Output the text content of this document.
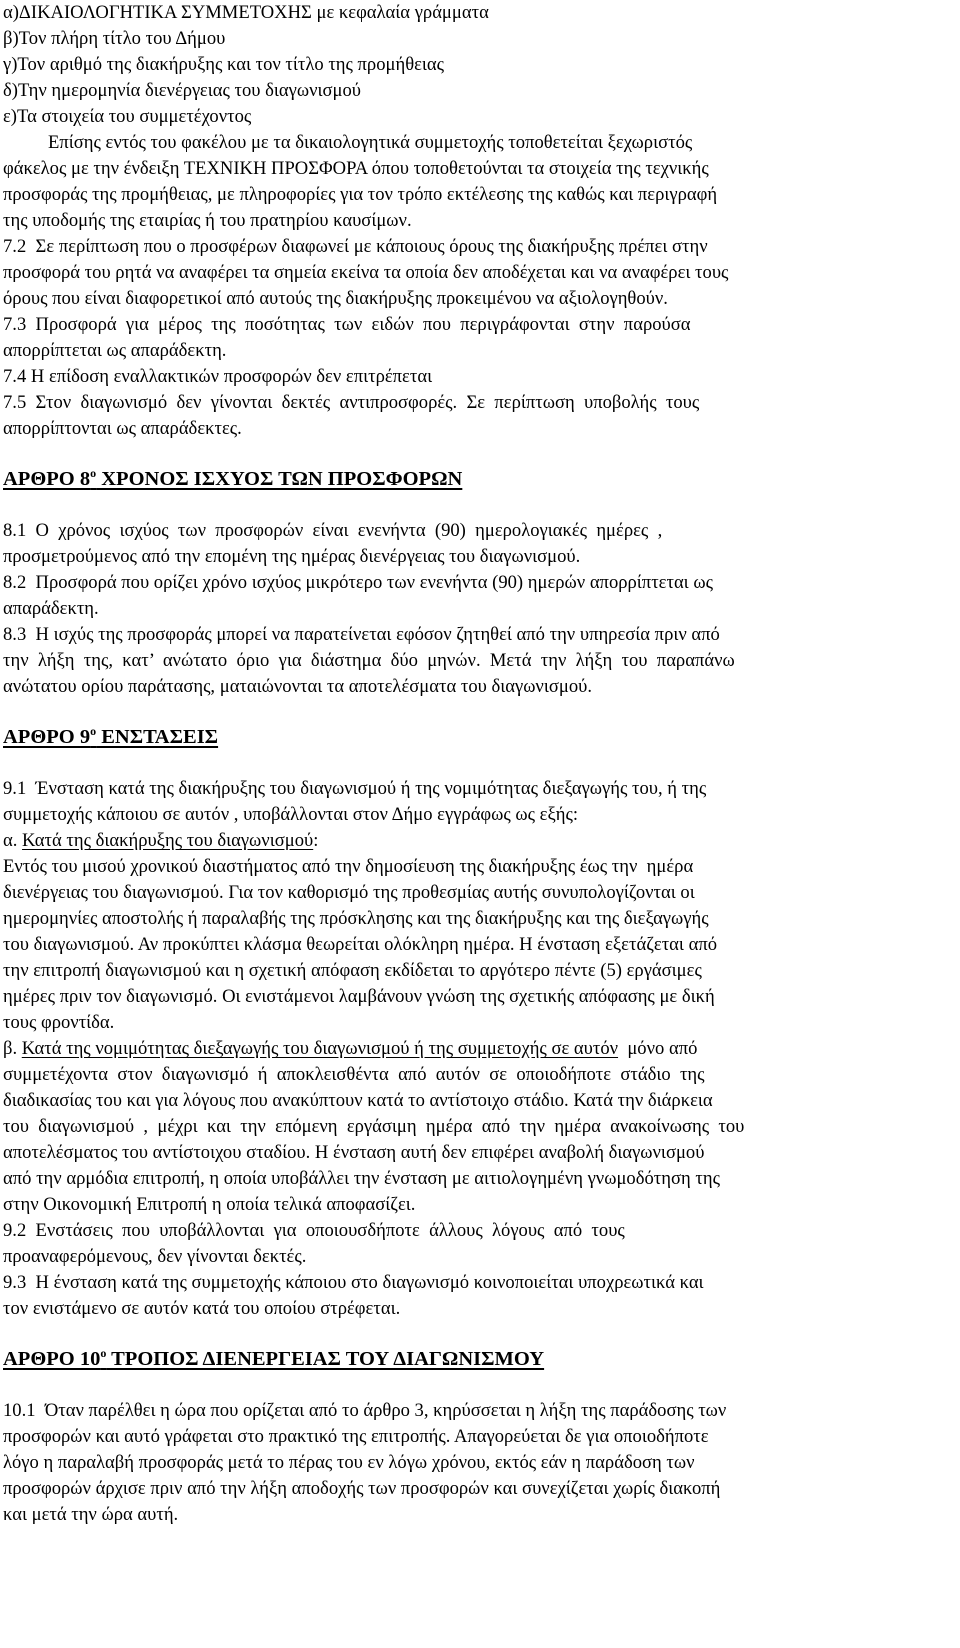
α)ΔΙΚΑΙΟΛΟΓΗΤΙΚΑ ΣΥΜΜΕΤΟΧΗΣ με κεφαλαία γράμματα
β)Τον πλήρη τίτλο του Δήμου
γ)Τον αριθμό της διακήρυξης και τον τίτλο της προμήθειας
δ)Την ημερομηνία διενέργειας του διαγωνισμού
ε)Τα στοιχεία του συμμετέχοντος
Επίσης εντός του φακέλου με τα δικαιολογητικά συμμετοχής τοποθετείται ξεχωριστός
φάκελος με την ένδειξη ΤΕΧΝΙΚΗ ΠΡΟΣΦΟΡΑ όπου τοποθετούνται τα στοιχεία της τεχνικής
προσφοράς της προμήθειας, με πληροφορίες για τον τρόπο εκτέλεσης της καθώς και περιγραφή
της υποδομής της εταιρίας ή του πρατηρίου καυσίμων.
7.2  Σε περίπτωση που ο προσφέρων διαφωνεί με κάποιους όρους της διακήρυξης πρέπει στην
προσφορά του ρητά να αναφέρει τα σημεία εκείνα τα οποία δεν αποδέχεται και να αναφέρει τους
όρους που είναι διαφορετικοί από αυτούς της διακήρυξης προκειμένου να αξιολογηθούν.
7.3  Προσφορά  για  μέρος  της  ποσότητας  των  ειδών  που  περιγράφονται  στην  παρούσα
απορρίπτεται ως απαράδεκτη.
7.4 Η επίδοση εναλλακτικών προσφορών δεν επιτρέπεται
7.5  Στον  διαγωνισμό  δεν  γίνονται  δεκτές  αντιπροσφορές.  Σε  περίπτωση  υποβολής  τους
απορρίπτονται ως απαράδεκτες.
ΑΡΘΡΟ $8^o$ ΧΡΟΝΟΣ ΙΣΧΥΟΣ ΤΩΝ ΠΡΟΣΦΟΡΩΝ
8.1  Ο  χρόνος  ισχύος  των  προσφορών  είναι  ενενήντα  (90)  ημερολογιακές  ημέρες  ,
προσμετρούμενος από την επομένη της ημέρας διενέργειας του διαγωνισμού.
8.2  Προσφορά που ορίζει χρόνο ισχύος μικρότερο των ενενήντα (90) ημερών απορρίπτεται ως
απαράδεκτη.
8.3  Η ισχύς της προσφοράς μπορεί να παρατείνεται εφόσον ζητηθεί από την υπηρεσία πριν από
την  λήξη  της,  κατ’  ανώτατο  όριο  για  διάστημα  δύο  μηνών.  Μετά  την  λήξη  του  παραπάνω
ανώτατου ορίου παράτασης, ματαιώνονται τα αποτελέσματα του διαγωνισμού.
ΑΡΘΡΟ $9^o$ ΕΝΣΤΑΣΕΙΣ
9.1  Ένσταση κατά της διακήρυξης του διαγωνισμού ή της νομιμότητας διεξαγωγής του, ή της
συμμετοχής κάποιου σε αυτόν , υποβάλλονται στον Δήμο εγγράφως ως εξής:
α. Κατά της διακήρυξης του διαγωνισμού:
Εντός του μισού χρονικού διαστήματος από την δημοσίευση της διακήρυξης έως την  ημέρα
διενέργειας του διαγωνισμού. Για τον καθορισμό της προθεσμίας αυτής συνυπολογίζονται οι
ημερομηνίες αποστολής ή παραλαβής της πρόσκλησης και της διακήρυξης και της διεξαγωγής
του διαγωνισμού. Αν προκύπτει κλάσμα θεωρείται ολόκληρη ημέρα. Η ένσταση εξετάζεται από
την επιτροπή διαγωνισμού και η σχετική απόφαση εκδίδεται το αργότερο πέντε (5) εργάσιμες
ημέρες πριν τον διαγωνισμό. Οι ενιστάμενοι λαμβάνουν γνώση της σχετικής απόφασης με δική
τους φροντίδα.
β. Κατά της νομιμότητας διεξαγωγής του διαγωνισμού ή της συμμετοχής σε αυτόν  μόνο από
συμμετέχοντα  στον  διαγωνισμό  ή  αποκλεισθέντα  από  αυτόν  σε  οποιοδήποτε  στάδιο  της
διαδικασίας του και για λόγους που ανακύπτουν κατά το αντίστοιχο στάδιο. Κατά την διάρκεια
του  διαγωνισμού  ,  μέχρι  και  την  επόμενη  εργάσιμη  ημέρα  από  την  ημέρα  ανακοίνωσης  του
αποτελέσματος του αντίστοιχου σταδίου. Η ένσταση αυτή δεν επιφέρει αναβολή διαγωνισμού
από την αρμόδια επιτροπή, η οποία υποβάλλει την ένσταση με αιτιολογημένη γνωμοδότηση της
στην Οικονομική Επιτροπή η οποία τελικά αποφασίζει.
9.2  Ενστάσεις  που  υποβάλλονται  για  οποιουσδήποτε  άλλους  λόγους  από  τους
προαναφερόμενους, δεν γίνονται δεκτές.
9.3  Η ένσταση κατά της συμμετοχής κάποιου στο διαγωνισμό κοινοποιείται υποχρεωτικά και
τον ενιστάμενο σε αυτόν κατά του οποίου στρέφεται.
ΑΡΘΡΟ $10^o$ ΤΡΟΠΟΣ ΔΙΕΝΕΡΓΕΙΑΣ ΤΟΥ ΔΙΑΓΩΝΙΣΜΟΥ
10.1  Όταν παρέλθει η ώρα που ορίζεται από το άρθρο 3, κηρύσσεται η λήξη της παράδοσης των
προσφορών και αυτό γράφεται στο πρακτικό της επιτροπής. Απαγορεύεται δε για οποιοδήποτε
λόγο η παραλαβή προσφοράς μετά το πέρας του εν λόγω χρόνου, εκτός εάν η παράδοση των
προσφορών άρχισε πριν από την λήξη αποδοχής των προσφορών και συνεχίζεται χωρίς διακοπή
και μετά την ώρα αυτή.
